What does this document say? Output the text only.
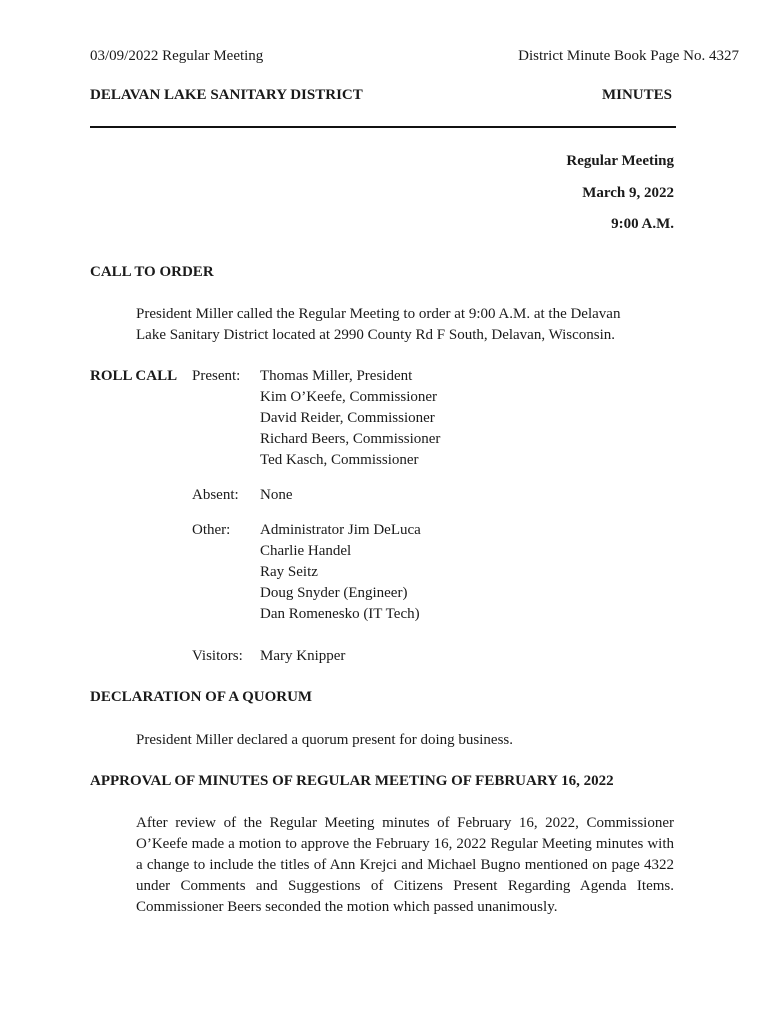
03/09/2022 Regular Meeting	District Minute Book Page No. 4327
DELAVAN LAKE SANITARY DISTRICT	MINUTES
Regular Meeting
March 9, 2022
9:00 A.M.
CALL TO ORDER
President Miller called the Regular Meeting to order at 9:00 A.M. at the Delavan
Lake Sanitary District located at 2990 County Rd F South, Delavan, Wisconsin.
ROLL CALL Present: Thomas Miller, President
Kim O’Keefe, Commissioner
David Reider, Commissioner
Richard Beers, Commissioner
Ted Kasch, Commissioner
Absent: None
Other: Administrator Jim DeLuca
Charlie Handel
Ray Seitz
Doug Snyder (Engineer)
Dan Romenesko (IT Tech)
Visitors: Mary Knipper
DECLARATION OF A QUORUM
President Miller declared a quorum present for doing business.
APPROVAL OF MINUTES OF REGULAR MEETING OF FEBRUARY 16, 2022
After review of the Regular Meeting minutes of February 16, 2022, Commissioner O’Keefe made a motion to approve the February 16, 2022 Regular Meeting minutes with a change to include the titles of Ann Krejci and Michael Bugno mentioned on page 4322 under Comments and Suggestions of Citizens Present Regarding Agenda Items. Commissioner Beers seconded the motion which passed unanimously.
